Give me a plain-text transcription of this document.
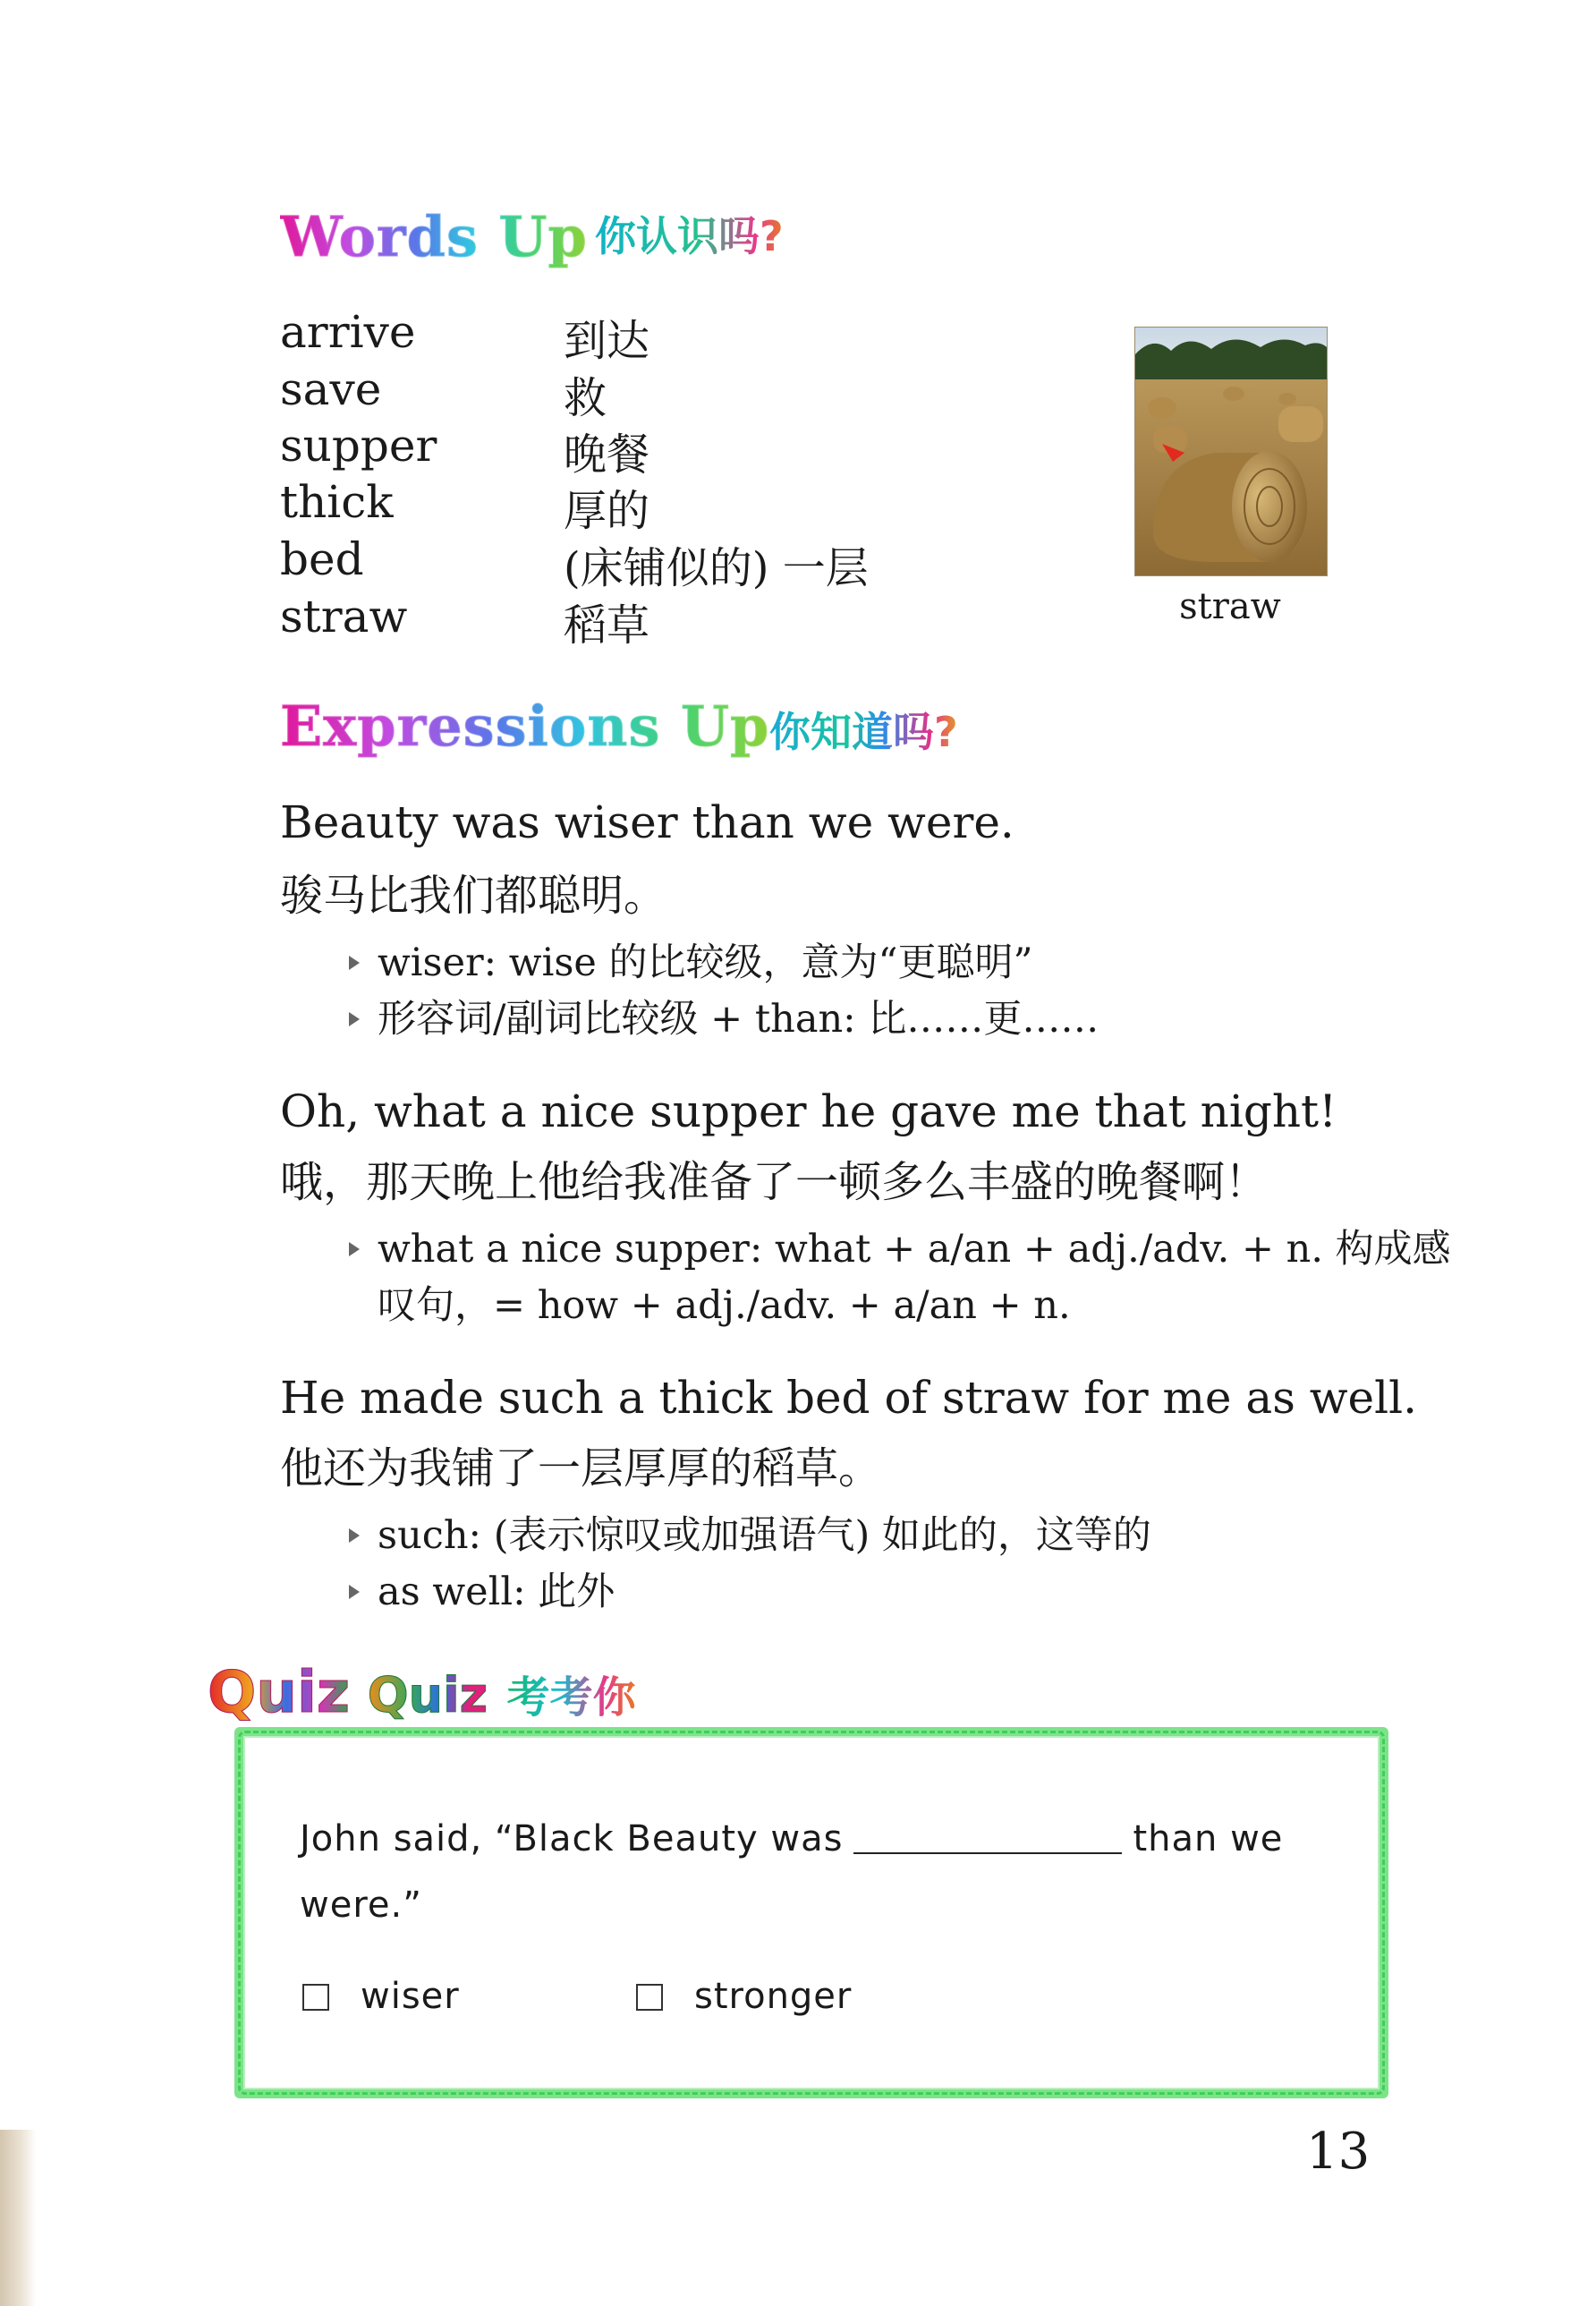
Words Up 你认识吗?
arrive	到达
save	救
supper	晚餐
thick	厚的
bed	(床铺似的) 一层
straw	稻草	straw
Expressions Up 你知道吗?
Beauty was wiser than we were.
骏马比我们都聪明。
wiser: wise 的比较级，意为“更聪明”
形容词/副词比较级 + than: 比……更……
Oh, what a nice supper he gave me that night!
哦，那天晚上他给我准备了一顿多么丰盛的晚餐啊！
what a nice supper: what + a/an + adj./adv. + n. 构成感
叹句，= how + adj./adv. + a/an + n.
He made such a thick bed of straw for me as well.
他还为我铺了一层厚厚的稻草。
such: (表示惊叹或加强语气) 如此的，这等的
as well: 此外
Quiz Quiz 考考你
John said, “Black Beauty was	than we
were.”
wiser	stronger
13
